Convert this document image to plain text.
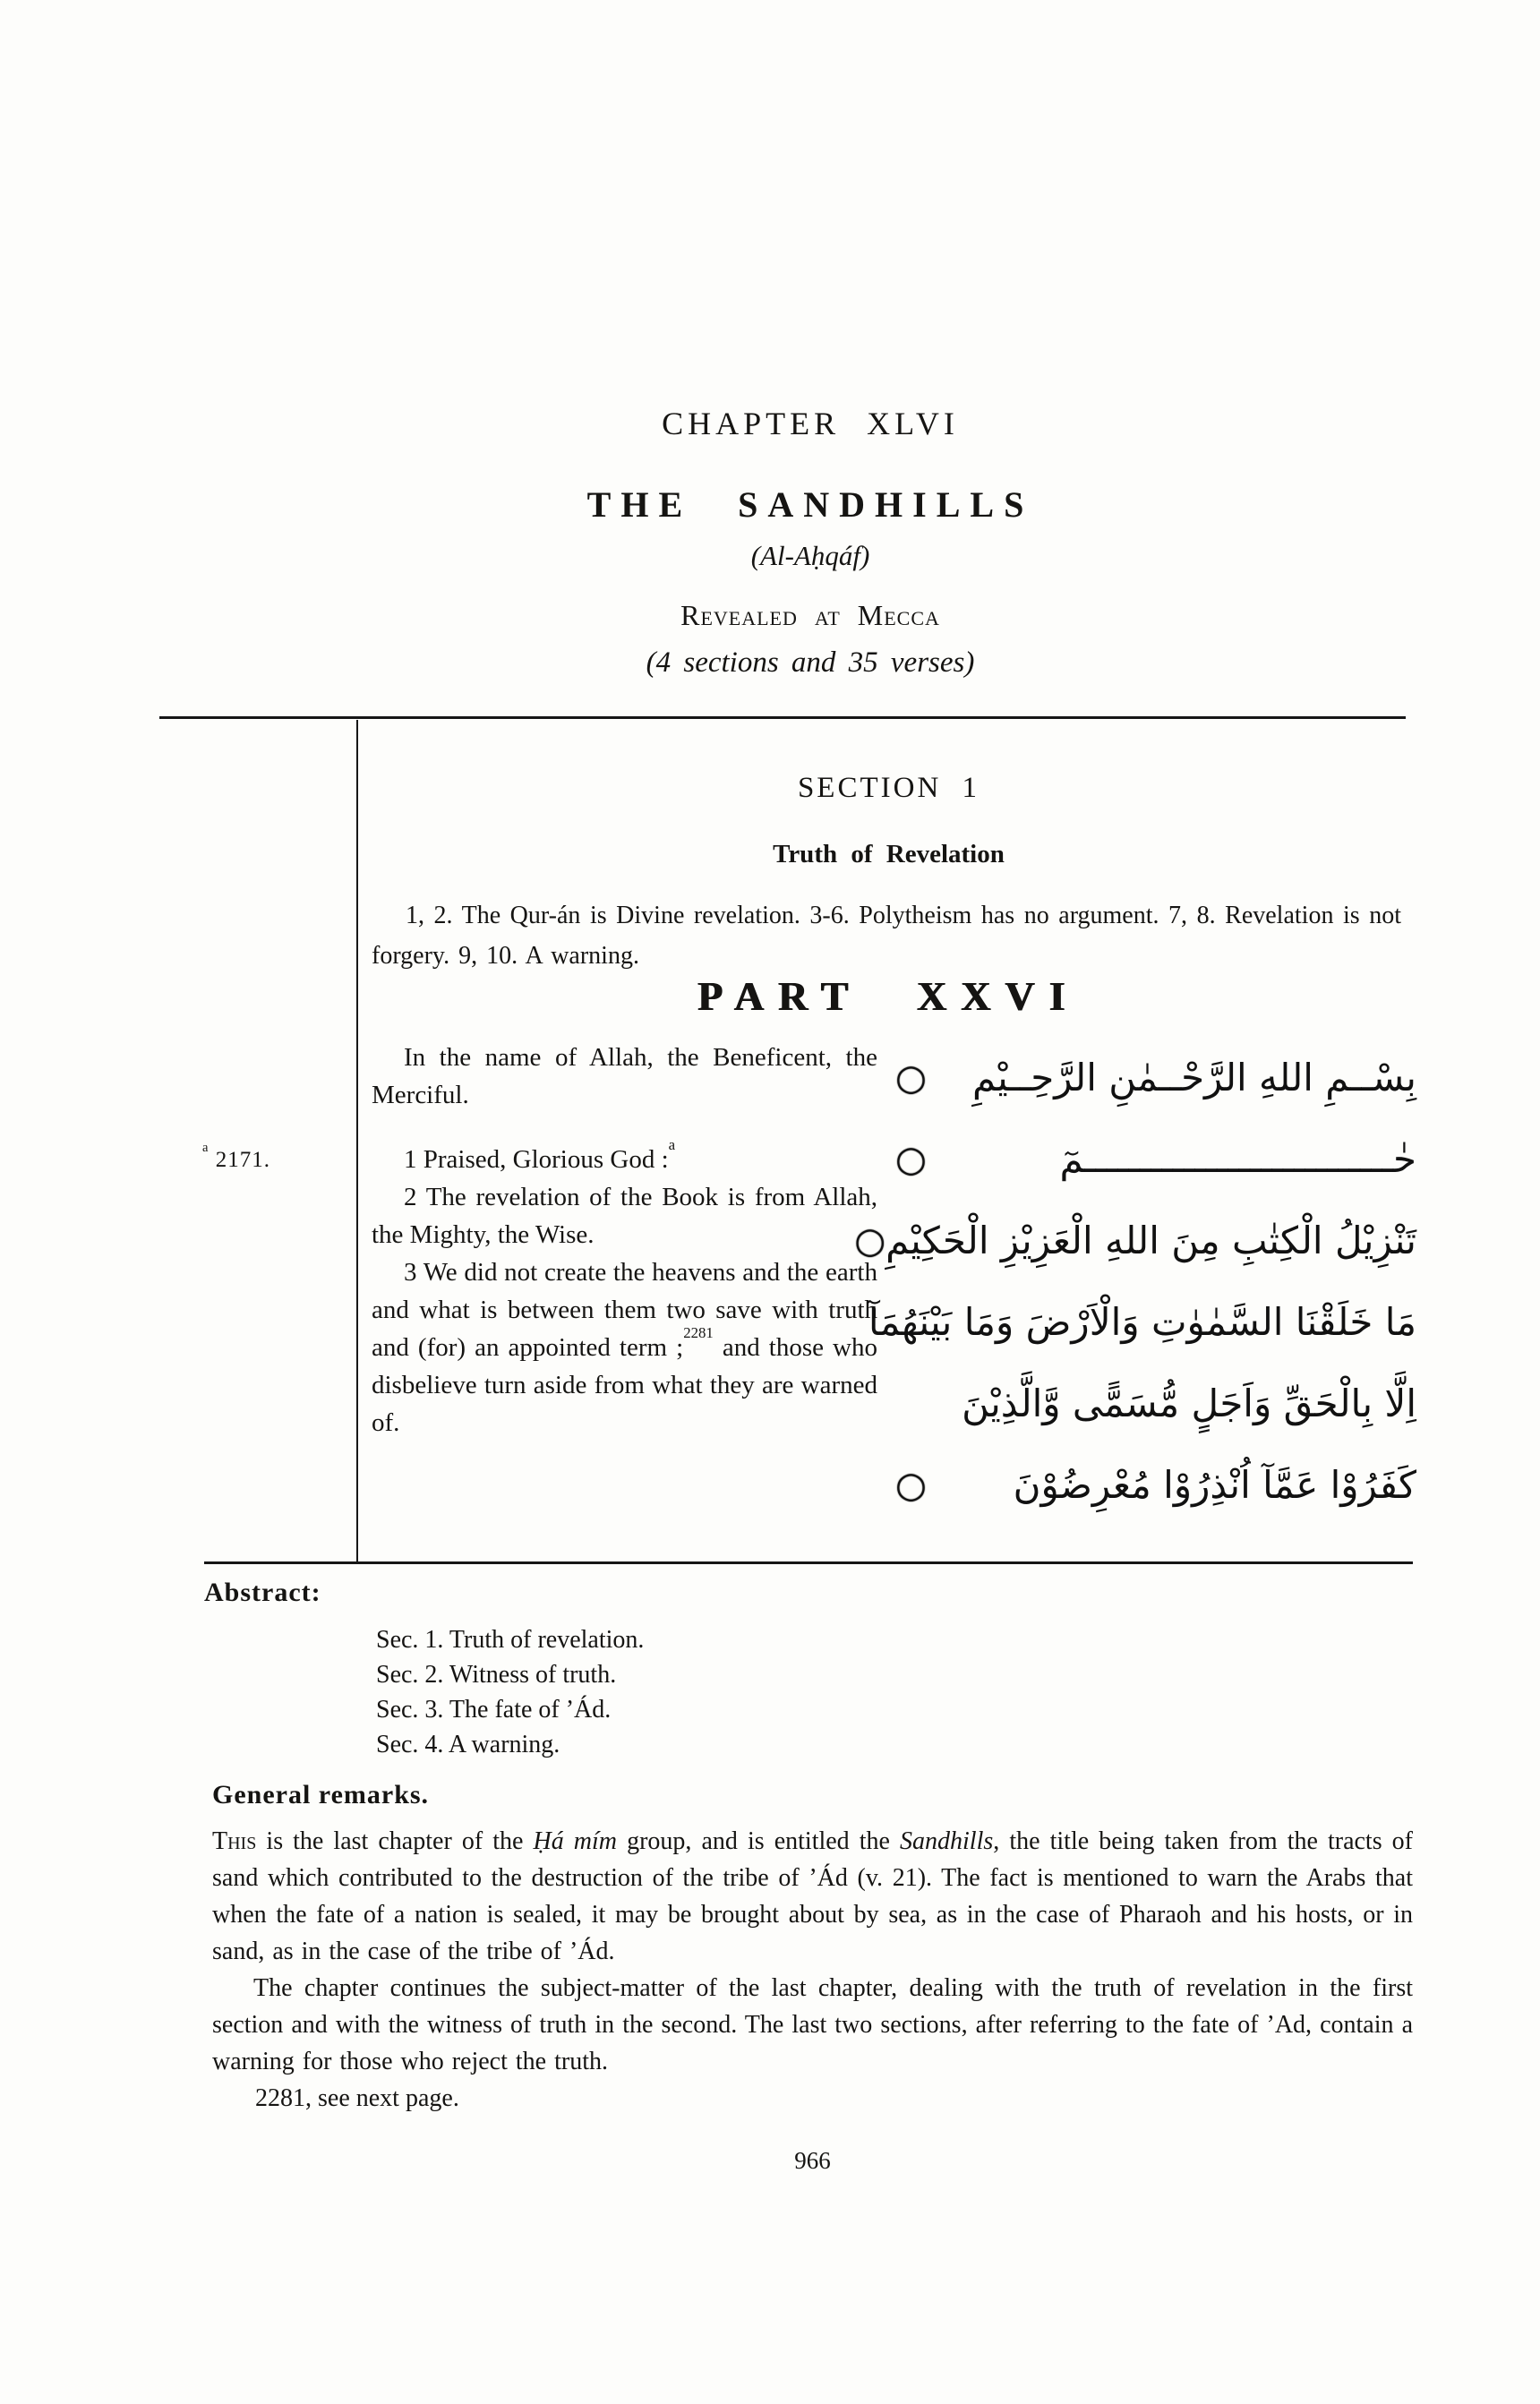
CHAPTER XLVI
THE SANDHILLS
(Al-Aḥqáf)
Revealed at Mecca
(4 sections and 35 verses)
SECTION 1
Truth of Revelation
1, 2. The Qur-án is Divine revelation. 3-6. Polytheism has no argument. 7, 8. Revelation is not forgery. 9, 10. A warning.
PART XXVI
$^a$ 2171.

In the name of Allah, the Beneficent, the Merciful.

1 Praised, Glorious God :$^a$

2 The revelation of the Book is from Allah, the Mighty, the Wise.

3 We did not create the heavens and the earth and what is between them two save with truth and (for) an appointed term ;$^{2281}$ and those who disbelieve turn aside from what they are warned of.

بِسْــمِ اللهِ الرَّحْــمٰنِ الرَّحِــيْمِ
○
حٰــــــــــــــــــــــــــــمٓ
○
تَنْزِيْلُ الْكِتٰبِ مِنَ اللهِ الْعَزِيْزِ الْحَكِيْمِ
○
مَا خَلَقْنَا السَّمٰوٰتِ وَالْاَرْضَ وَمَا بَيْنَهُمَآ
اِلَّا بِالْحَقِّ وَاَجَلٍ مُّسَمًّى وَّالَّذِيْنَ
كَفَرُوْا عَمَّآ اُنْذِرُوْا مُعْرِضُوْنَ
○
Abstract:
Sec. 1. Truth of revelation.
Sec. 2. Witness of truth.
Sec. 3. The fate of ’Ád.
Sec. 4. A warning.
General remarks.

This is the last chapter of the Ḥá mím group, and is entitled the Sandhills, the title being taken from the tracts of sand which contributed to the destruction of the tribe of ’Ád (v. 21). The fact is mentioned to warn the Arabs that when the fate of a nation is sealed, it may be brought about by sea, as in the case of Pharaoh and his hosts, or in sand, as in the case of the tribe of ’Ád.

The chapter continues the subject-matter of the last chapter, dealing with the truth of revelation in the first section and with the witness of truth in the second. The last two sections, after referring to the fate of ’Ad, contain a warning for those who reject the truth.

2281, see next page.
966
